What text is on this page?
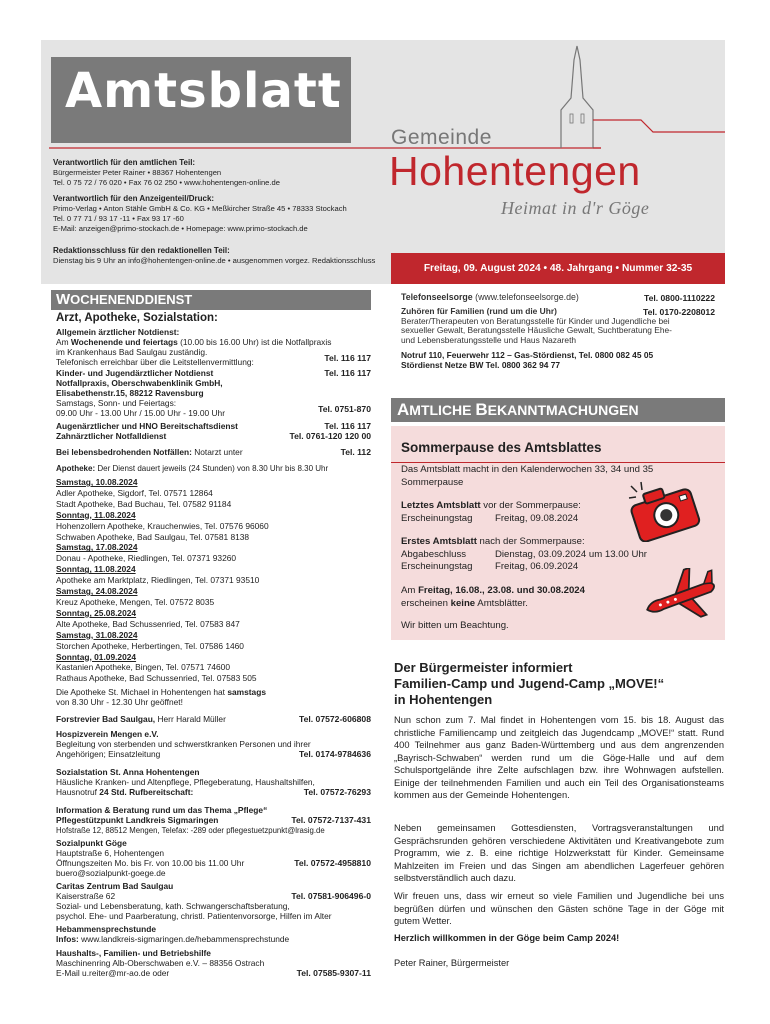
Amtsblatt
Gemeinde
Hohentengen
Heimat in d'r Göge
Verantwortlich für den amtlichen Teil:
Bürgermeister Peter Rainer • 88367 Hohentengen
Tel. 0 75 72 / 76 020 • Fax 76 02 250 • www.hohentengen-online.de
Verantwortlich für den Anzeigenteil/Druck:
Primo-Verlag • Anton Stähle GmbH & Co. KG • Meßkircher Straße 45 • 78333 Stockach
Tel. 0 77 71 / 93 17 -11 • Fax 93 17 -60
E-Mail: anzeigen@primo-stockach.de • Homepage: www.primo-stockach.de
Redaktionsschluss für den redaktionellen Teil:
Dienstag bis 9 Uhr an info@hohentengen-online.de • ausgenommen vorgez. Redaktionsschluss
Freitag, 09. August 2024 • 48. Jahrgang • Nummer 32-35
WOCHENENDDIENST
Arzt, Apotheke, Sozialstation:
Allgemein ärztlicher Notdienst:
Am Wochenende und feiertags (10.00 bis 16.00 Uhr) ist die Notfallpraxis
im Krankenhaus Bad Saulgau zuständig.
Telefonisch erreichbar über die Leitstellenvermittlung:	Tel. 116 117
Kinder- und Jugendärztlicher Notdienst
Notfallpraxis, Oberschwabenklinik GmbH,
Elisabethenstr.15, 88212 Ravensburg
Tel. 116 117
Samstags, Sonn- und Feiertags:
09.00 Uhr - 13.00 Uhr / 15.00 Uhr - 19.00 Uhr	Tel. 0751-870
Augenärztlicher und HNO Bereitschaftsdienst
Zahnärztlicher Notfalldienst
Tel. 116 117
Tel. 0761-120 120 00
Bei lebensbedrohenden Notfällen: Notarzt unter	Tel. 112
Apotheke: Der Dienst dauert jeweils (24 Stunden) von 8.30 Uhr bis 8.30 Uhr
Samstag, 10.08.2024
Adler Apotheke, Sigdorf, Tel. 07571 12864
Stadt Apotheke, Bad Buchau, Tel. 07582 91184
Sonntag, 11.08.2024
Hohenzollern Apotheke, Krauchenwies, Tel. 07576 96060
Schwaben Apotheke, Bad Saulgau, Tel. 07581 8138
Samstag, 17.08.2024
Donau - Apotheke, Riedlingen, Tel. 07371 93260
Sonntag, 11.08.2024
Apotheke am Marktplatz, Riedlingen, Tel. 07371 93510
Samstag, 24.08.2024
Kreuz Apotheke, Mengen, Tel. 07572 8035
Sonntag, 25.08.2024
Alte Apotheke, Bad Schussenried, Tel. 07583 847
Samstag, 31.08.2024
Storchen Apotheke, Herbertingen, Tel. 07586 1460
Sonntag, 01.09.2024
Kastanien Apotheke, Bingen, Tel. 07571 74600
Rathaus Apotheke, Bad Schussenried, Tel. 07583 505
Die Apotheke St. Michael in Hohentengen hat samstags
von 8.30 Uhr - 12.30 Uhr geöffnet!
Forstrevier Bad Saulgau, Herr Harald Müller	Tel. 07572-606808
Hospizverein Mengen e.V.
Begleitung von sterbenden und schwerstkranken Personen und ihrer
Angehörigen; Einsatzleitung	Tel. 0174-9784636
Sozialstation St. Anna Hohentengen
Häusliche Kranken- und Altenpflege, Pflegeberatung, Haushaltshilfen,
Hausnotruf 24 Std. Rufbereitschaft:	Tel. 07572-76293
Information & Beratung rund um das Thema „Pflege“
Pflegestützpunkt Landkreis Sigmaringen
Hofstraße 12, 88512 Mengen, Telefax: -289 oder pflegestuetzpunkt@lrasig.de
Tel. 07572-7137-431
Sozialpunkt Göge
Hauptstraße 6, Hohentengen
Öffnungszeiten Mo. bis Fr. von 10.00 bis 11.00 Uhr
buero@sozialpunkt-goege.de
Tel. 07572-4958810
Caritas Zentrum Bad Saulgau
Kaiserstraße 62
Sozial- und Lebensberatung, kath. Schwangerschaftsberatung,
psychol. Ehe- und Paarberatung, christl. Patientenvorsorge, Hilfen im Alter
Tel. 07581-906496-0
Hebammensprechstunde
Infos: www.landkreis-sigmaringen.de/hebammensprechstunde
Haushalts-, Familien- und Betriebshilfe
Maschinenring Alb-Oberschwaben e.V. – 88356 Ostrach
E-Mail u.reiter@mr-ao.de oder	Tel. 07585-9307-11
Telefonseelsorge (www.telefonseelsorge.de)	Tel. 0800-1110222
Zuhören für Familien (rund um die Uhr)
Berater/Therapeuten von Beratungsstelle für Kinder und Jugendliche bei
sexueller Gewalt, Beratungsstelle Häusliche Gewalt, Suchtberatung Ehe-
und Lebensberatungsstelle und Haus Nazareth
Tel. 0170-2208012
Notruf 110, Feuerwehr 112 – Gas-Stördienst, Tel. 0800 082 45 05
Stördienst Netze BW Tel. 0800 362 94 77
AMTLICHE BEKANNTMACHUNGEN
Sommerpause des Amtsblattes
Das Amtsblatt macht in den Kalenderwochen 33, 34 und 35
Sommerpause
Letztes Amtsblatt vor der Sommerpause:
Erscheinungstag Freitag, 09.08.2024
Erstes Amtsblatt nach der Sommerpause:
Abgabeschluss	Dienstag, 03.09.2024 um 13.00 Uhr
Erscheinungstag Freitag, 06.09.2024
Am Freitag, 16.08., 23.08. und 30.08.2024
erscheinen keine Amtsblätter.
Wir bitten um Beachtung.
Der Bürgermeister informiert
Familien-Camp und Jugend-Camp „MOVE!“
in Hohentengen
Nun schon zum 7. Mal findet in Hohentengen vom 15. bis 18. August das christliche Familiencamp und zeitgleich das Jugendcamp „MOVE!“ statt. Rund 400 Teilnehmer aus ganz Baden-Württemberg und aus dem angrenzenden „Bayrisch-Schwaben“ werden rund um die Göge-Halle und auf dem Schulsportgelände ihre Zelte aufschlagen bzw. ihre Wohnwagen aufstellen. Einige der teilnehmenden Familien und auch ein Teil des Organisationsteams kommen aus der Gemeinde Hohentengen.
Neben gemeinsamen Gottesdiensten, Vortragsveranstaltungen und Gesprächsrunden gehören verschiedene Aktivitäten und Kreativangebote zum Programm, wie z. B. eine richtige Holzwerkstatt für Kinder. Gemeinsame Mahlzeiten im Freien und das Singen am abendlichen Lagerfeuer gehören selbstverständlich auch dazu.
Wir freuen uns, dass wir erneut so viele Familien und Jugendliche bei uns begrüßen dürfen und wünschen den Gästen schöne Tage in der Göge mit gutem Wetter.
Herzlich willkommen in der Göge beim Camp 2024!
Peter Rainer, Bürgermeister
